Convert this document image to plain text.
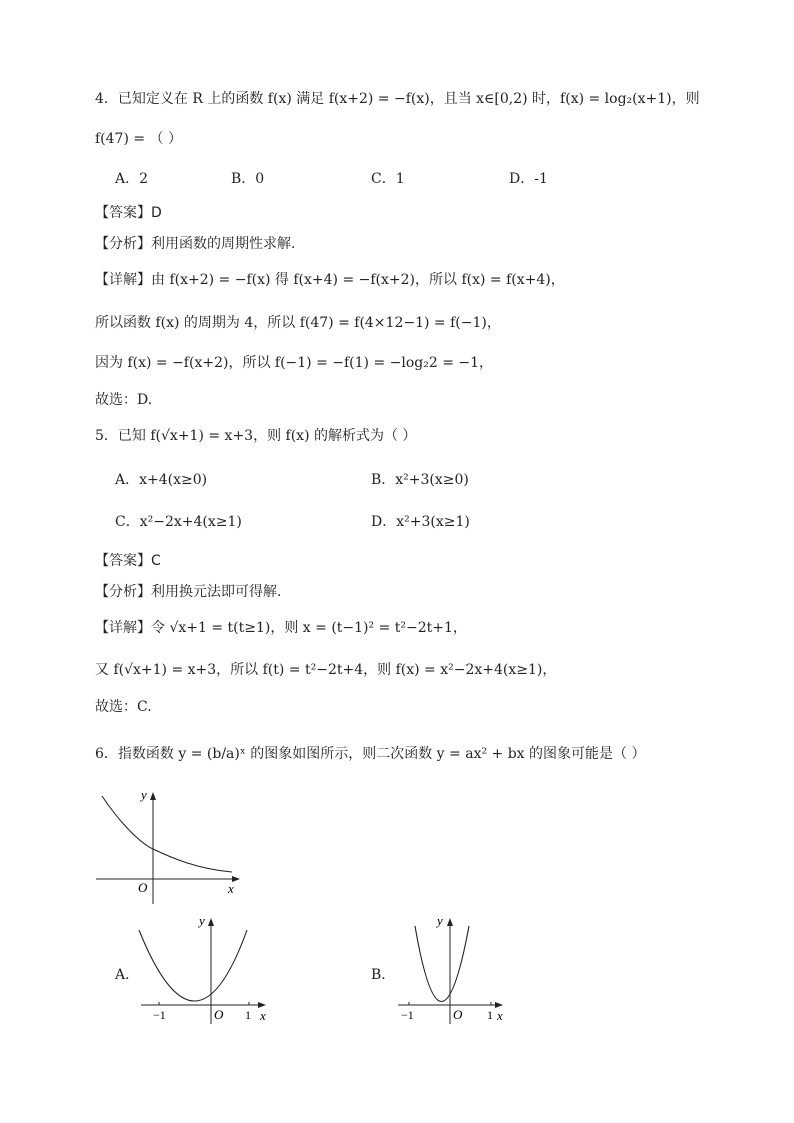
4．已知定义在 R 上的函数 f(x) 满足 f(x+2) = −f(x)，且当 x∈[0,2) 时，f(x) = log₂(x+1)，则
f(47) = （ ）
A．2	B．0	C．1	D．-1
【答案】D
【分析】利用函数的周期性求解.
【详解】由 f(x+2) = −f(x) 得 f(x+4) = −f(x+2)，所以 f(x) = f(x+4)，
所以函数 f(x) 的周期为 4，所以 f(47) = f(4×12−1) = f(−1)，
因为 f(x) = −f(x+2)，所以 f(−1) = −f(1) = −log₂2 = −1，
故选：D.
5．已知 f(√x+1) = x+3，则 f(x) 的解析式为（ ）
A．x+4(x≥0)	B．x²+3(x≥0)
C．x²−2x+4(x≥1)	D．x²+3(x≥1)
【答案】C
【分析】利用换元法即可得解.
【详解】令 √x+1 = t(t≥1)，则 x = (t−1)² = t²−2t+1，
又 f(√x+1) = x+3，所以 f(t) = t²−2t+4，则 f(x) = x²−2x+4(x≥1)，
故选：C.
6．指数函数 y = (b/a)ˣ 的图象如图所示，则二次函数 y = ax² + bx 的图象可能是（ ）
y
x
O
A．
y
x
O
−1	1
B．
y
x
O
−1	1
